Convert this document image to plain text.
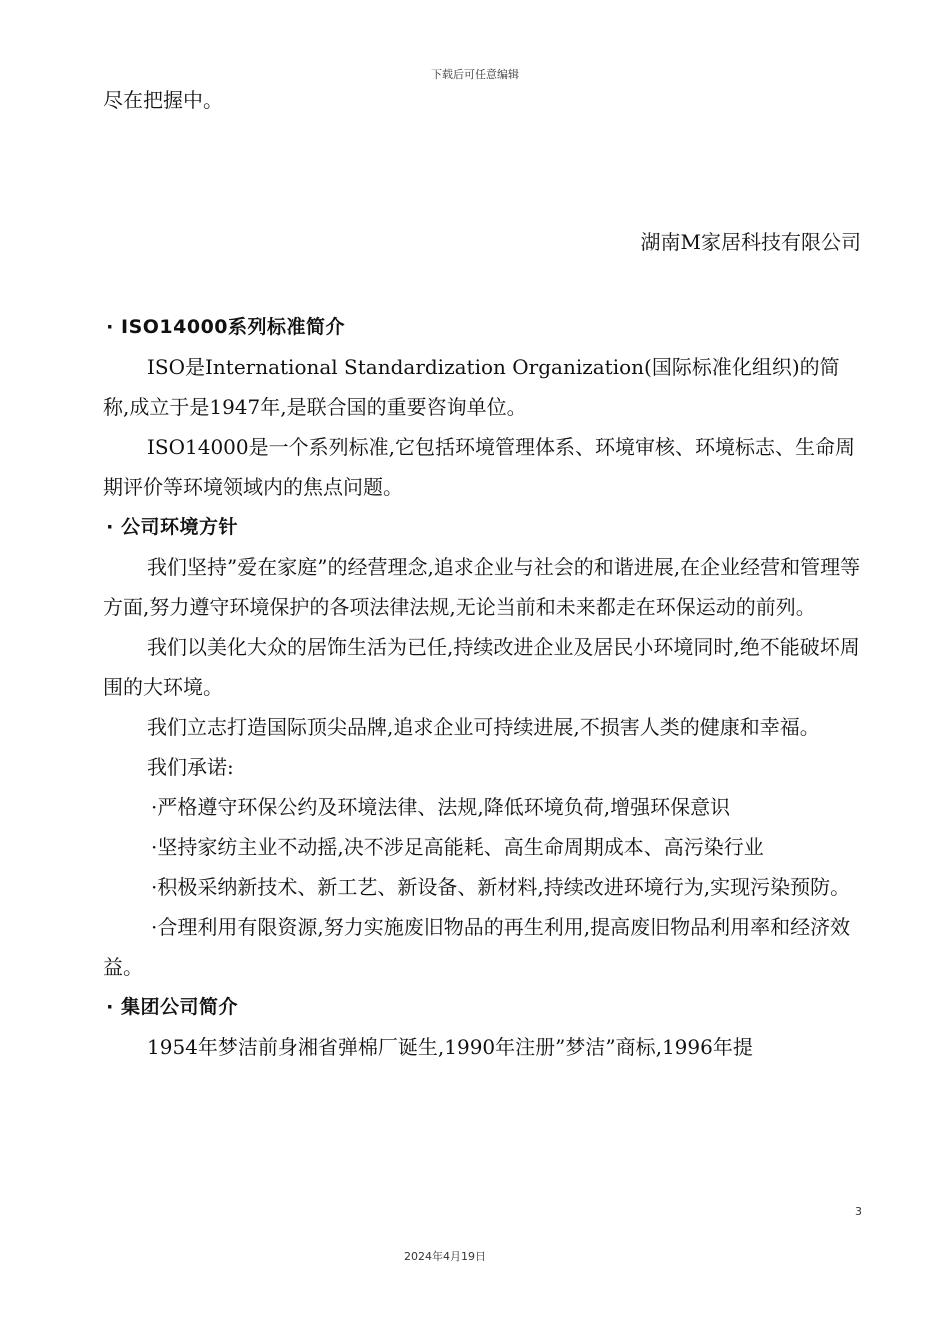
下载后可任意编辑

尽在把握中。

湖南M家居科技有限公司

· ISO14000系列标准简介

ISO是International Standardization Organization(国际标准化组织)的简称,成立于是1947年,是联合国的重要咨询单位。

ISO14000是一个系列标准,它包括环境管理体系、环境审核、环境标志、生命周期评价等环境领域内的焦点问题。

· 公司环境方针

我们坚持”爱在家庭”的经营理念,追求企业与社会的和谐进展,在企业经营和管理等方面,努力遵守环境保护的各项法律法规,无论当前和未来都走在环保运动的前列。

我们以美化大众的居饰生活为已任,持续改进企业及居民小环境同时,绝不能破坏周围的大环境。

我们立志打造国际顶尖品牌,追求企业可持续进展,不损害人类的健康和幸福。

我们承诺:

·严格遵守环保公约及环境法律、法规,降低环境负荷,增强环保意识

·坚持家纺主业不动摇,决不涉足高能耗、高生命周期成本、高污染行业

·积极采纳新技术、新工艺、新设备、新材料,持续改进环境行为,实现污染预防。

·合理利用有限资源,努力实施废旧物品的再生利用,提高废旧物品利用率和经济效益。

· 集团公司简介

1954年梦洁前身湘省弹棉厂诞生,1990年注册”梦洁”商标,1996年提

3
2024年4月19日
